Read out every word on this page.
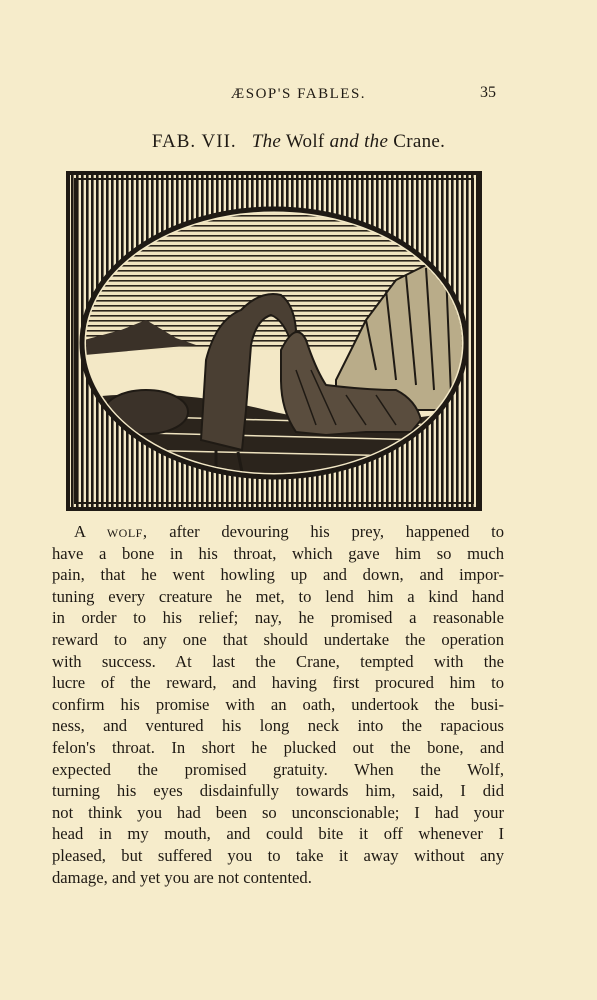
ÆSOP'S FABLES.	35
FAB. VII. The Wolf and the Crane.
A wolf, after devouring his prey, happened to
have a bone in his throat, which gave him so much
pain, that he went howling up and down, and impor-
tuning every creature he met, to lend him a kind hand
in order to his relief; nay, he promised a reasonable
reward to any one that should undertake the operation
with success. At last the Crane, tempted with the
lucre of the reward, and having first procured him to
confirm his promise with an oath, undertook the busi-
ness, and ventured his long neck into the rapacious
felon's throat. In short he plucked out the bone, and
expected the promised gratuity. When the Wolf,
turning his eyes disdainfully towards him, said, I did
not think you had been so unconscionable; I had your
head in my mouth, and could bite it off whenever I
pleased, but suffered you to take it away without any
damage, and yet you are not contented.
